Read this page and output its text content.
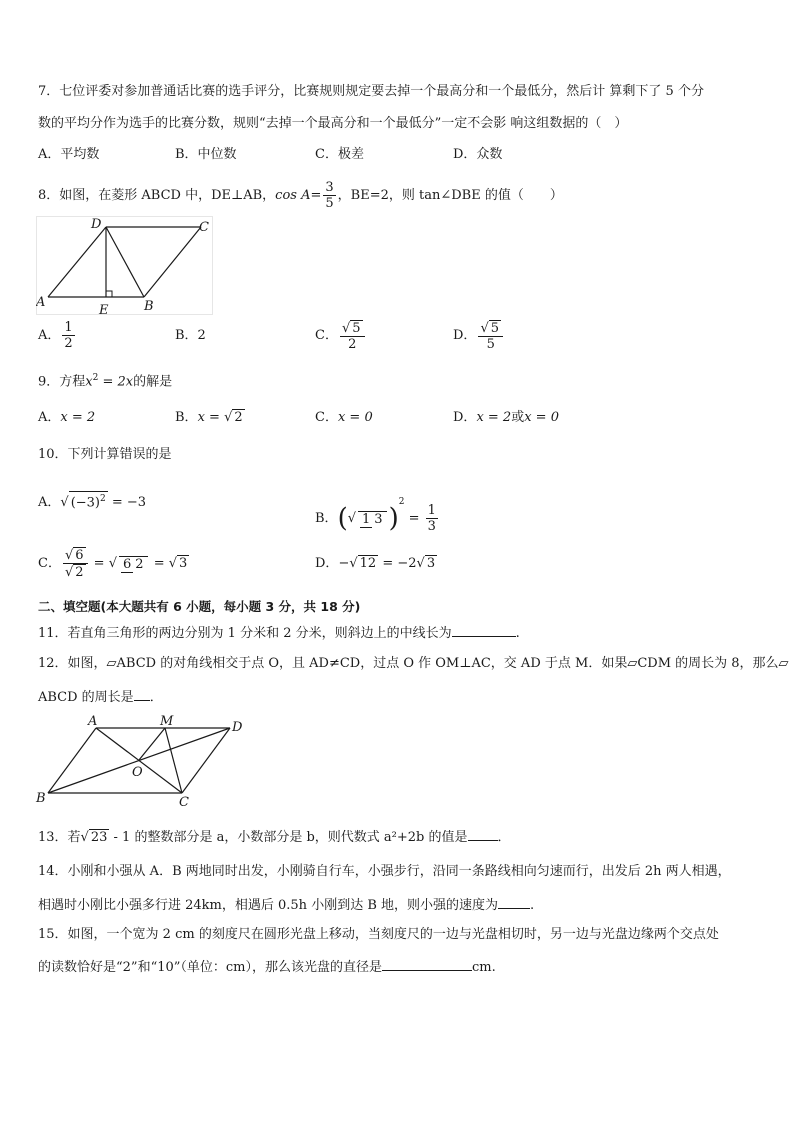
7．七位评委对参加普通话比赛的选手评分，比赛规则规定要去掉一个最高分和一个最低分，然后计 算剩下了 5 个分
数的平均分作为选手的比赛分数，规则“去掉一个最高分和一个最低分”一定不会影 响这组数据的（　）
A．平均数	B．中位数	C．极差	D．众数
8．如图，在菱形 ABCD 中，DE⊥AB，$\cos A= \frac{3}{5}$ ，BE=2，则 tan∠DBE 的值（　　）
D	C
A	B
E
A． $\frac{1}{2}$	B．2	C． $\frac{√ 5}{2}$	D． $\frac{√ 5}{5}$
9．方程$x^2 = 2x$的解是
A．x = 2	B．x = √ 2	C．x = 0	D．x = 2或x = 0
10．下列计算错误的是
A．√ $(-3)^2 = -3$
B．(√ 1 3 )$^2 = \frac{1}{3}$
C． $\frac{√ 6}{√ 2}$ = √ 6 2 = √ 3	D．−√ 12 = −2√ 3
二、填空题(本大题共有 6 小题，每小题 3 分，共 18 分)
11．若直角三角形的两边分别为 1 分米和 2 分米，则斜边上的中线长为	.
12．如图，▱ABCD 的对角线相交于点 O，且 AD≠CD，过点 O 作 OM⊥AC，交 AD 于点 M．如果▱CDM 的周长为 8，那么▱
ABCD 的周长是 ．
A	M	D
O
B	C
13．若√ 23 - 1 的整数部分是 a，小数部分是 b，则代数式 a²+2b 的值是 ．
14．小刚和小强从 A．B 两地同时出发，小刚骑自行车，小强步行，沿同一条路线相向匀速而行，出发后 2h 两人相遇，
相遇时小刚比小强多行进 24km，相遇后 0.5h 小刚到达 B 地，则小强的速度为 .
15．如图，一个宽为 2 cm 的刻度尺在圆形光盘上移动，当刻度尺的一边与光盘相切时，另一边与光盘边缘两个交点处
的读数恰好是“2”和“10”（单位：cm），那么该光盘的直径是	cm.
